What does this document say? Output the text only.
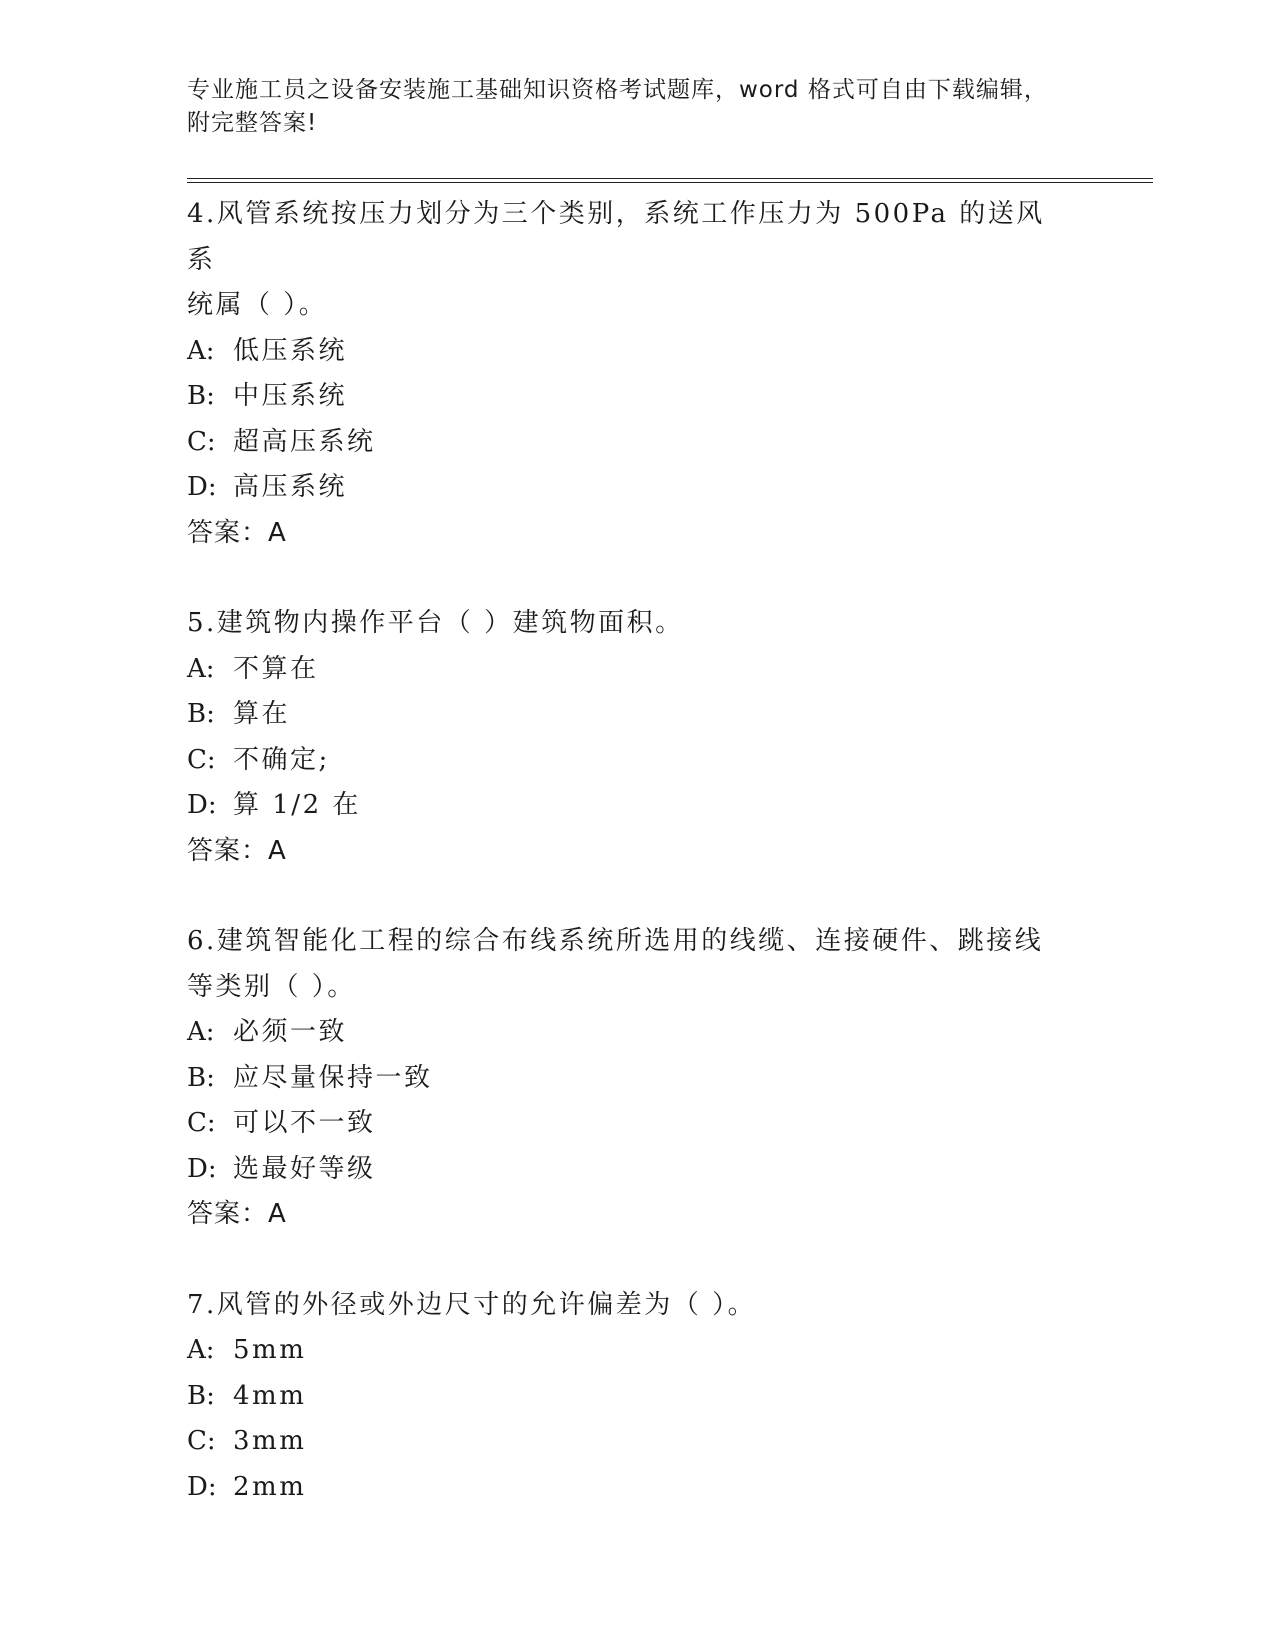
专业施工员之设备安装施工基础知识资格考试题库，word 格式可自由下载编辑，
附完整答案!
4.风管系统按压力划分为三个类别，系统工作压力为 500Pa 的送风系
统属（ ）。
A: 低压系统
B: 中压系统
C: 超高压系统
D: 高压系统
答案：A
5.建筑物内操作平台（ ）建筑物面积。
A: 不算在
B: 算在
C: 不确定;
D: 算 1/2 在
答案：A
6.建筑智能化工程的综合布线系统所选用的线缆、连接硬件、跳接线
等类别（ ）。
A: 必须一致
B: 应尽量保持一致
C: 可以不一致
D: 选最好等级
答案：A
7.风管的外径或外边尺寸的允许偏差为（ ）。
A: 5mm
B: 4mm
C: 3mm
D: 2mm
